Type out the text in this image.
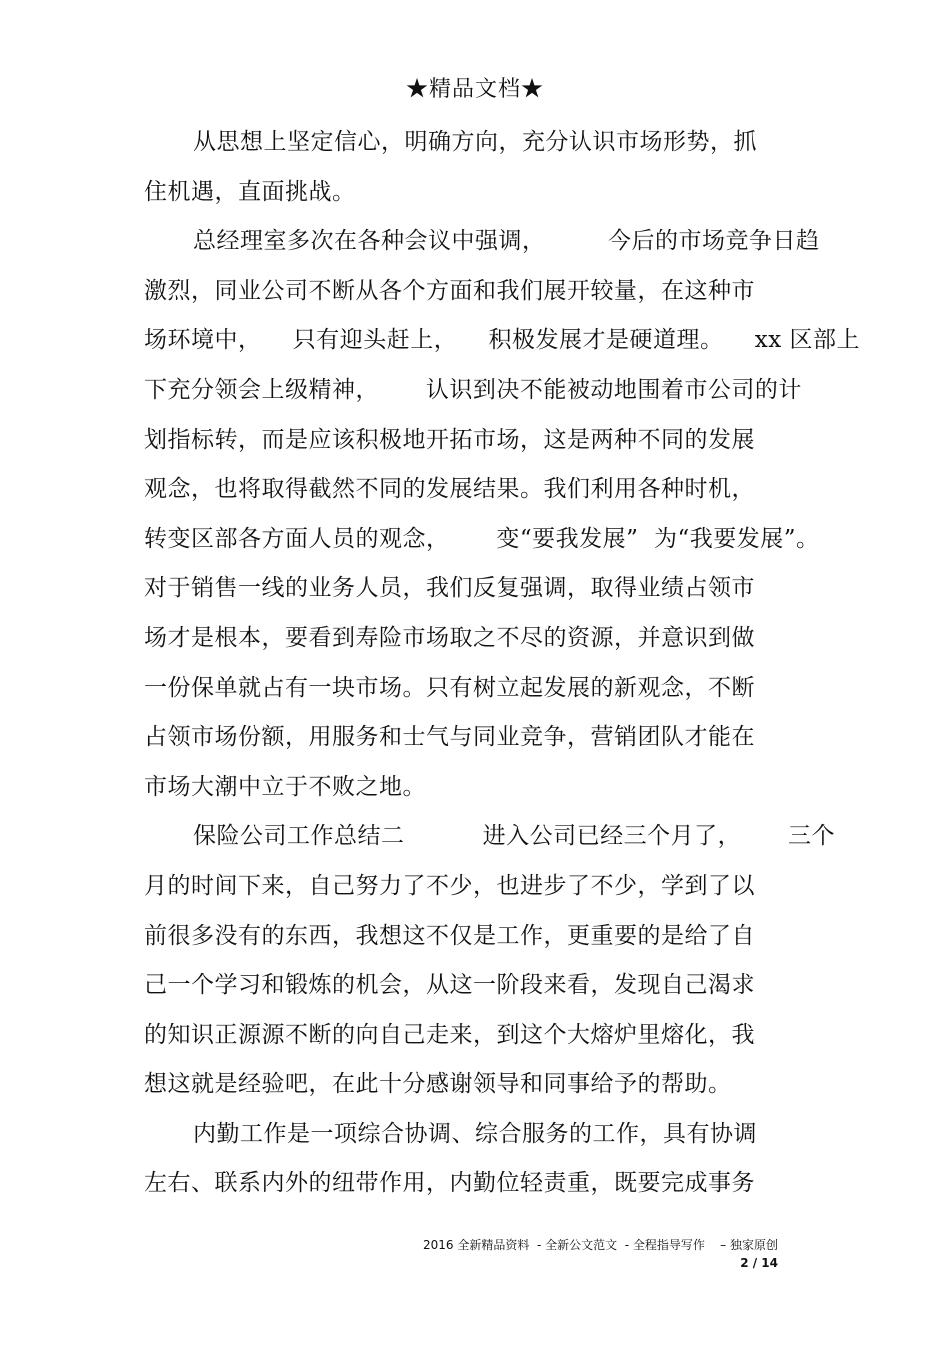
★精品文档★
从思想上坚定信心，明确方向，充分认识市场形势，抓
住机遇，直面挑战。
总经理室多次在各种会议中强调，        今后的市场竞争日趋
激烈，同业公司不断从各个方面和我们展开较量，在这种市
场环境中，    只有迎头赶上，    积极发展才是硬道理。    xx 区部上
下充分领会上级精神，      认识到决不能被动地围着市公司的计
划指标转，而是应该积极地开拓市场，这是两种不同的发展
观念，也将取得截然不同的发展结果。我们利用各种时机，
转变区部各方面人员的观念，      变“要我发展”  为“我要发展”。
对于销售一线的业务人员，我们反复强调，取得业绩占领市
场才是根本，要看到寿险市场取之不尽的资源，并意识到做
一份保单就占有一块市场。只有树立起发展的新观念，不断
占领市场份额，用服务和士气与同业竞争，营销团队才能在
市场大潮中立于不败之地。
保险公司工作总结二          进入公司已经三个月了，      三个
月的时间下来，自己努力了不少，也进步了不少，学到了以
前很多没有的东西，我想这不仅是工作，更重要的是给了自
己一个学习和锻炼的机会，从这一阶段来看，发现自己渴求
的知识正源源不断的向自己走来，到这个大熔炉里熔化，我
想这就是经验吧，在此十分感谢领导和同事给予的帮助。
内勤工作是一项综合协调、综合服务的工作，具有协调
左右、联系内外的纽带作用，内勤位轻责重，既要完成事务
2016 全新精品资料  - 全新公文范文  - 全程指导写作    – 独家原创
2 / 14
